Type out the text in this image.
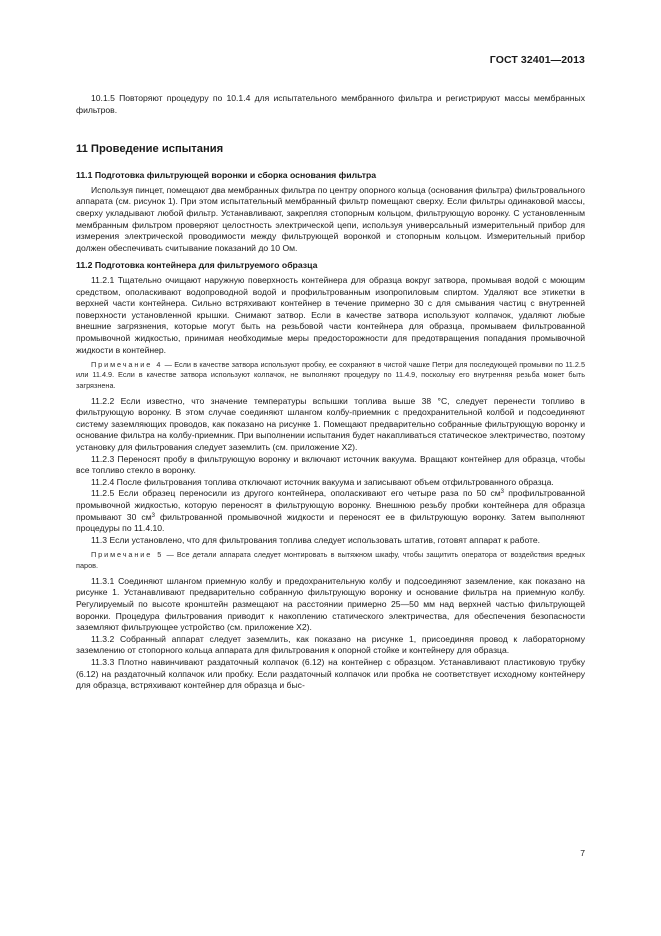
ГОСТ 32401—2013

10.1.5 Повторяют процедуру по 10.1.4 для испытательного мембранного фильтра и регистрируют массы мембранных фильтров.

11 Проведение испытания
11.1 Подготовка фильтрующей воронки и сборка основания фильтра

Используя пинцет, помещают два мембранных фильтра по центру опорного кольца (основания фильтра) фильтровального аппарата (см. рисунок 1). При этом испытательный мембранный фильтр помещают сверху. Если фильтры одинаковой массы, сверху укладывают любой фильтр. Устанавливают, закрепляя стопорным кольцом, фильтрующую воронку. С установленным мембранным фильтром проверяют целостность электрической цепи, используя универсальный измерительный прибор для измерения электрической проводимости между фильтрующей воронкой и стопорным кольцом. Измерительный прибор должен обеспечивать считывание показаний до 10 Ом.

11.2 Подготовка контейнера для фильтруемого образца

11.2.1 Тщательно очищают наружную поверхность контейнера для образца вокруг затвора, промывая водой с моющим средством, ополаскивают водопроводной водой и профильтрованным изопропиловым спиртом. Удаляют все этикетки в верхней части контейнера. Сильно встряхивают контейнер в течение примерно 30 с для смывания частиц с внутренней поверхности установленной крышки. Снимают затвор. Если в качестве затвора используют колпачок, удаляют любые внешние загрязнения, которые могут быть на резьбовой части контейнера для образца, промываем фильтрованной промывочной жидкостью, принимая необходимые меры предосторожности для предотвращения попадания промывочной жидкости в контейнер.

Примечание 4 — Если в качестве затвора используют пробку, ее сохраняют в чистой чашке Петри для последующей промывки по 11.2.5 или 11.4.9. Если в качестве затвора используют колпачок, не выполняют процедуру по 11.4.9, поскольку его внутренняя резьба может быть загрязнена.

11.2.2 Если известно, что значение температуры вспышки топлива выше 38 °С, следует перенести топливо в фильтрующую воронку. В этом случае соединяют шлангом колбу-приемник с предохранительной колбой и подсоединяют систему заземляющих проводов, как показано на рисунке 1. Помещают предварительно собранные фильтрующую воронку и основание фильтра на колбу-приемник. При выполнении испытания будет накапливаться статическое электричество, поэтому установку для фильтрования следует заземлить (см. приложение Х2).

11.2.3 Переносят пробу в фильтрующую воронку и включают источник вакуума. Вращают контейнер для образца, чтобы все топливо стекло в воронку.

11.2.4 После фильтрования топлива отключают источник вакуума и записывают объем отфильтрованного образца.

11.2.5 Если образец переносили из другого контейнера, ополаскивают его четыре раза по 50 $см^3$ профильтрованной промывочной жидкостью, которую переносят в фильтрующую воронку. Внешнюю резьбу пробки контейнера для образца промывают 30 $см^3$ фильтрованной промывочной жидкости и переносят ее в фильтрующую воронку. Затем выполняют процедуры по 11.4.10.

11.3 Если установлено, что для фильтрования топлива следует использовать штатив, готовят аппарат к работе.

Примечание 5 — Все детали аппарата следует монтировать в вытяжном шкафу, чтобы защитить оператора от воздействия вредных паров.

11.3.1 Соединяют шлангом приемную колбу и предохранительную колбу и подсоединяют заземление, как показано на рисунке 1. Устанавливают предварительно собранную фильтрующую воронку и основание фильтра на приемную колбу. Регулируемый по высоте кронштейн размещают на расстоянии примерно 25—50 мм над верхней частью фильтрующей воронки. Процедура фильтрования приводит к накоплению статического электричества, для обеспечения безопасности заземляют фильтрующее устройство (см. приложение Х2).

11.3.2 Собранный аппарат следует заземлить, как показано на рисунке 1, присоединяя провод к лабораторному заземлению от стопорного кольца аппарата для фильтрования к опорной стойке и контейнеру для образца.

11.3.3 Плотно навинчивают раздаточный колпачок (6.12) на контейнер с образцом. Устанавливают пластиковую трубку (6.12) на раздаточный колпачок или пробку. Если раздаточный колпачок или пробка не соответствует исходному контейнеру для образца, встряхивают контейнер для образца и быс-

7
